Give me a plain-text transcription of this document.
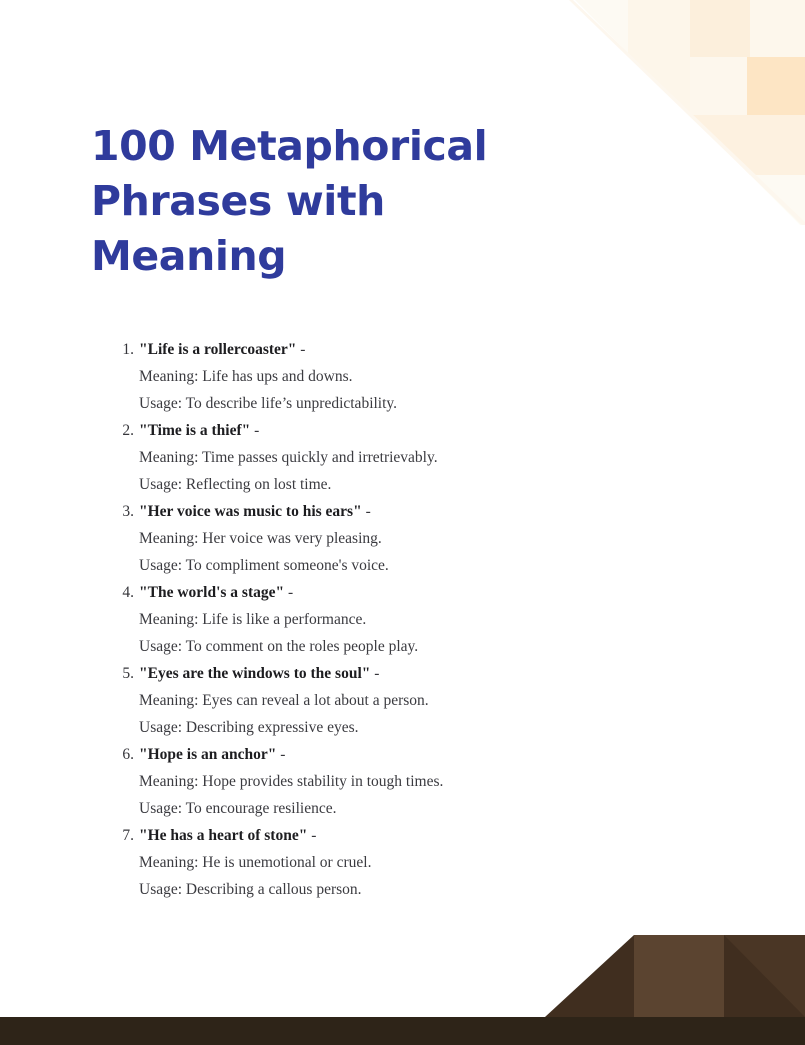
100 Metaphorical Phrases with Meaning
1. "Life is a rollercoaster" -
Meaning: Life has ups and downs.
Usage: To describe life’s unpredictability.
2. "Time is a thief" -
Meaning: Time passes quickly and irretrievably.
Usage: Reflecting on lost time.
3. "Her voice was music to his ears" -
Meaning: Her voice was very pleasing.
Usage: To compliment someone's voice.
4. "The world's a stage" -
Meaning: Life is like a performance.
Usage: To comment on the roles people play.
5. "Eyes are the windows to the soul" -
Meaning: Eyes can reveal a lot about a person.
Usage: Describing expressive eyes.
6. "Hope is an anchor" -
Meaning: Hope provides stability in tough times.
Usage: To encourage resilience.
7. "He has a heart of stone" -
Meaning: He is unemotional or cruel.
Usage: Describing a callous person.
